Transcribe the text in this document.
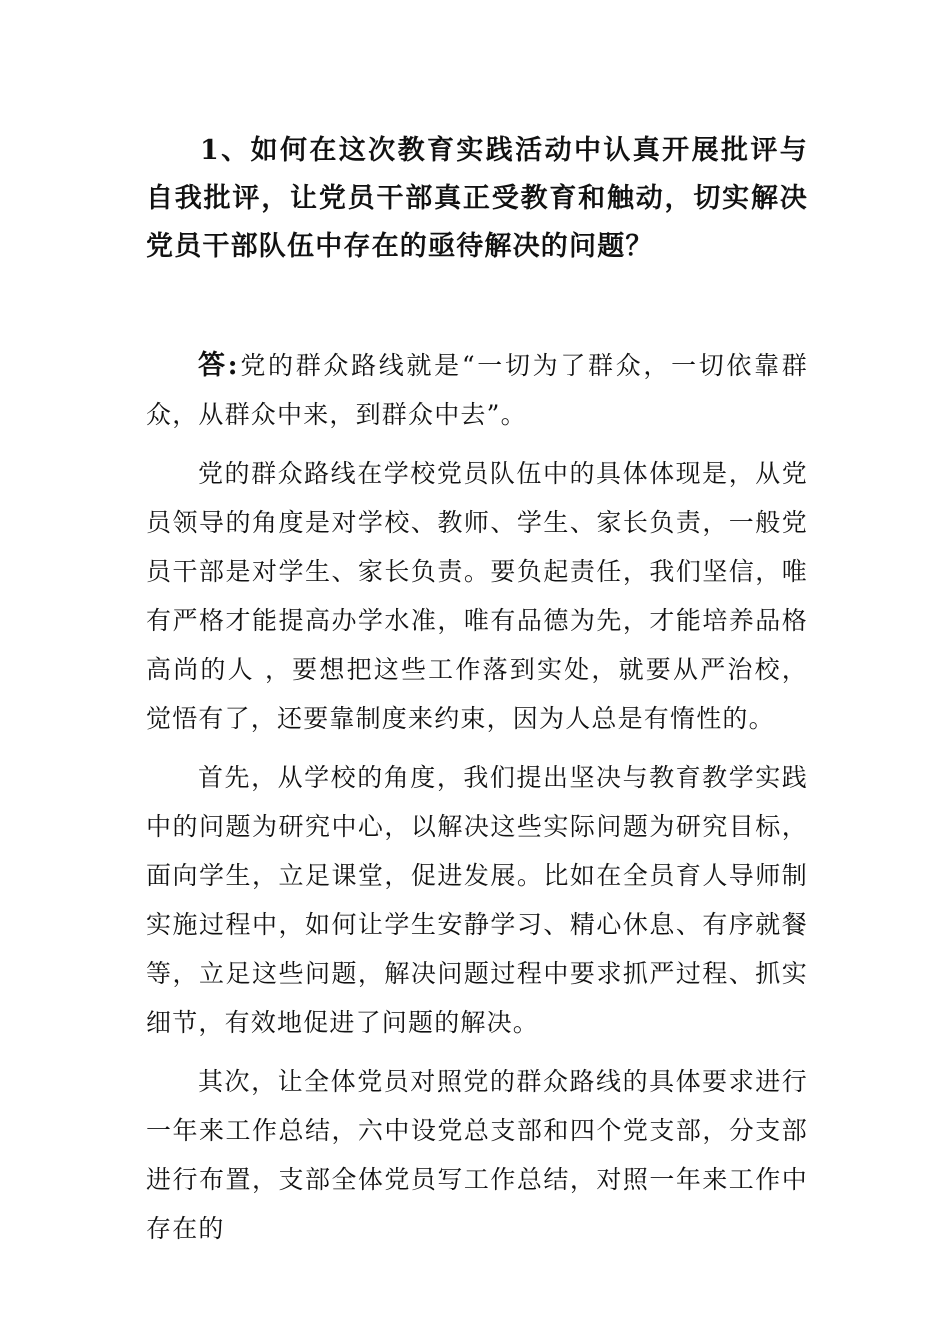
1、如何在这次教育实践活动中认真开展批评与自我批评，让党员干部真正受教育和触动，切实解决党员干部队伍中存在的亟待解决的问题？

答:党的群众路线就是“一切为了群众，一切依靠群众，从群众中来，到群众中去”。

党的群众路线在学校党员队伍中的具体体现是，从党员领导的角度是对学校、教师、学生、家长负责，一般党员干部是对学生、家长负责。要负起责任，我们坚信，唯有严格才能提高办学水准，唯有品德为先，才能培养品格高尚的人 ，要想把这些工作落到实处，就要从严治校，觉悟有了，还要靠制度来约束，因为人总是有惰性的。

首先，从学校的角度，我们提出坚决与教育教学实践中的问题为研究中心，以解决这些实际问题为研究目标，面向学生，立足课堂，促进发展。比如在全员育人导师制实施过程中，如何让学生安静学习、精心休息、有序就餐等，立足这些问题，解决问题过程中要求抓严过程、抓实细节，有效地促进了问题的解决。

其次，让全体党员对照党的群众路线的具体要求进行一年来工作总结，六中设党总支部和四个党支部，分支部进行布置，支部全体党员写工作总结，对照一年来工作中存在的
